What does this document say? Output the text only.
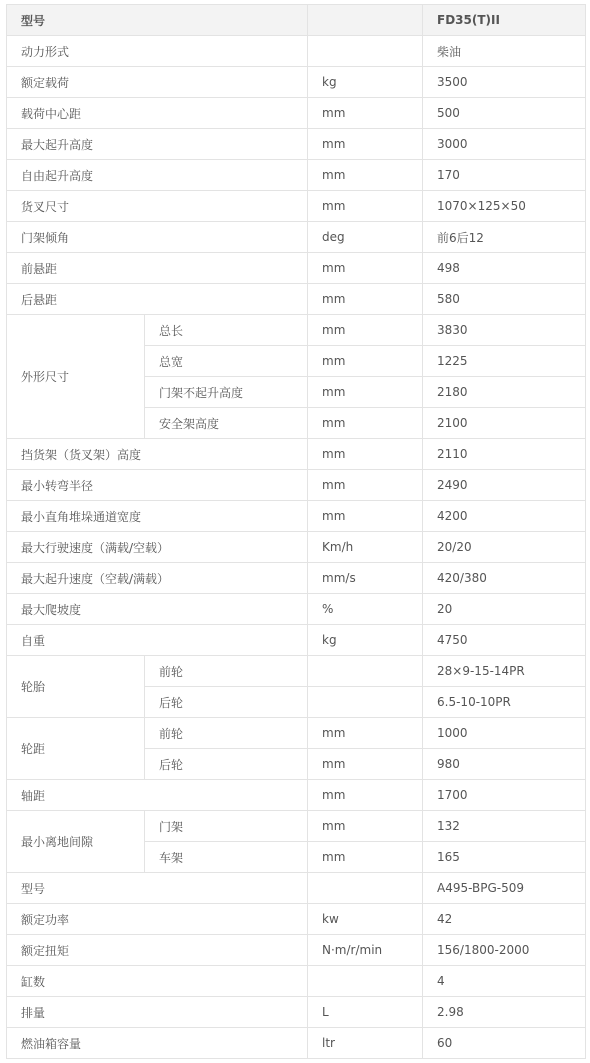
型号			FD35(T)II
动力形式			柴油
额定载荷		kg	3500
载荷中心距		mm	500
最大起升高度		mm	3000
自由起升高度		mm	170
货叉尺寸		mm	1070×125×50
门架倾角		deg	前6后12
前悬距		mm	498
后悬距		mm	580
外形尺寸	总长	mm	3830
	总宽	mm	1225
	门架不起升高度	mm	2180
	安全架高度	mm	2100
挡货架（货叉架）高度		mm	2110
最小转弯半径		mm	2490
最小直角堆垛通道宽度		mm	4200
最大行驶速度（满载/空载）		Km/h	20/20
最大起升速度（空载/满载）		mm/s	420/380
最大爬坡度		%	20
自重		kg	4750
轮胎	前轮		28×9-15-14PR
	后轮		6.5-10-10PR
轮距	前轮	mm	1000
	后轮	mm	980
轴距		mm	1700
最小离地间隙	门架	mm	132
	车架	mm	165
型号			A495-BPG-509
额定功率		kw	42
额定扭矩		N·m/r/min	156/1800-2000
缸数			4
排量		L	2.98
燃油箱容量		ltr	60
